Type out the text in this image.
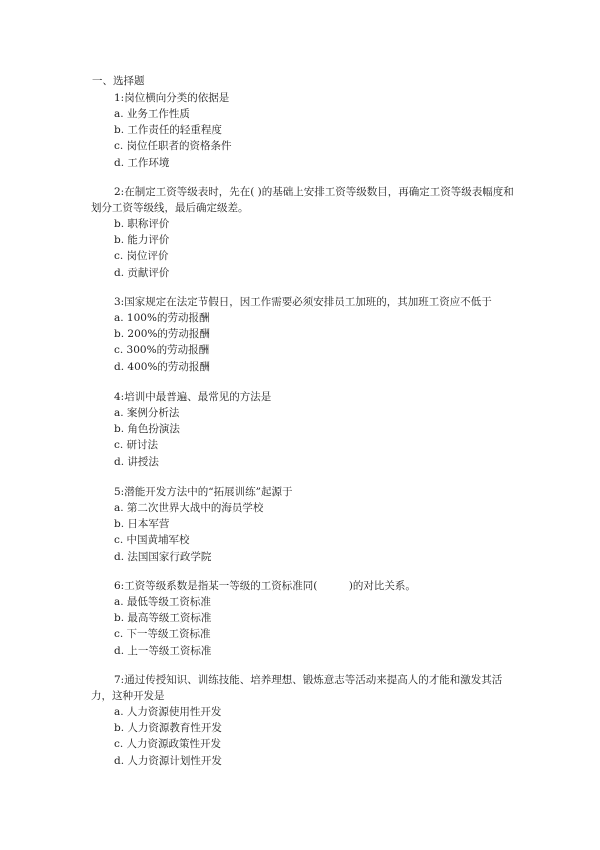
一、选择题

1:岗位横向分类的依据是

a. 业务工作性质

b. 工作责任的轻重程度

c. 岗位任职者的资格条件

d. 工作环境

2:在制定工资等级表时，先在( )的基础上安排工资等级数目，再确定工资等级表幅度和划分工资等级线，最后确定级差。

b. 职称评价

b. 能力评价

c. 岗位评价

d. 贡献评价

3:国家规定在法定节假日，因工作需要必须安排员工加班的，其加班工资应不低于

a. 100%的劳动报酬

b. 200%的劳动报酬

c. 300%的劳动报酬

d. 400%的劳动报酬

4:培训中最普遍、最常见的方法是

a. 案例分析法

b. 角色扮演法

c. 研讨法

d. 讲授法

5:潜能开发方法中的“拓展训练”起源于

a. 第二次世界大战中的海员学校

b. 日本军营

c. 中国黄埔军校

d. 法国国家行政学院

6:工资等级系数是指某一等级的工资标准同(　　　)的对比关系。

a. 最低等级工资标准

b. 最高等级工资标准

c. 下一等级工资标准

d. 上一等级工资标准

7:通过传授知识、训练技能、培养理想、锻炼意志等活动来提高人的才能和激发其活力，这种开发是

a. 人力资源使用性开发

b. 人力资源教育性开发

c. 人力资源政策性开发

d. 人力资源计划性开发
